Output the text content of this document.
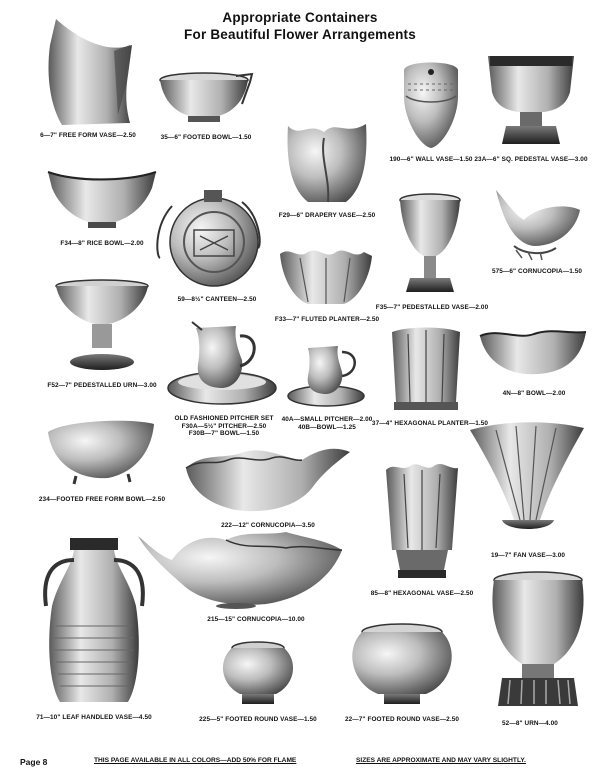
Appropriate Containers
For Beautiful Flower Arrangements
6—7" FREE FORM VASE—2.50	35—6" FOOTED BOWL—1.50
190—6" WALL VASE—1.50 23A—6" SQ. PEDESTAL VASE—3.00
F29—6" DRAPERY VASE—2.50
F34—8" RICE BOWL—2.00
59—8½" CANTEEN—2.50
575—6" CORNUCOPIA—1.50
F33—7" FLUTED PLANTER—2.50
F35—7" PEDESTALLED VASE—2.00
F52—7" PEDESTALLED URN—3.00
OLD FASHIONED PITCHER SET
F30A—5½" PITCHER—2.50
F30B—7" BOWL—1.50
40A—SMALL PITCHER—2.00
40B—BOWL—1.25	37—4" HEXAGONAL PLANTER—1.50
4N—8" BOWL—2.00
234—FOOTED FREE FORM BOWL—2.50
222—12" CORNUCOPIA—3.50
19—7" FAN VASE—3.00
85—8" HEXAGONAL VASE—2.50
215—15" CORNUCOPIA—10.00
71—10" LEAF HANDLED VASE—4.50	225—5" FOOTED ROUND VASE—1.50	22—7" FOOTED ROUND VASE—2.50
52—8" URN—4.00
Page 8	THIS PAGE AVAILABLE IN ALL COLORS—ADD 50% FOR FLAME	SIZES ARE APPROXIMATE AND MAY VARY SLIGHTLY.
